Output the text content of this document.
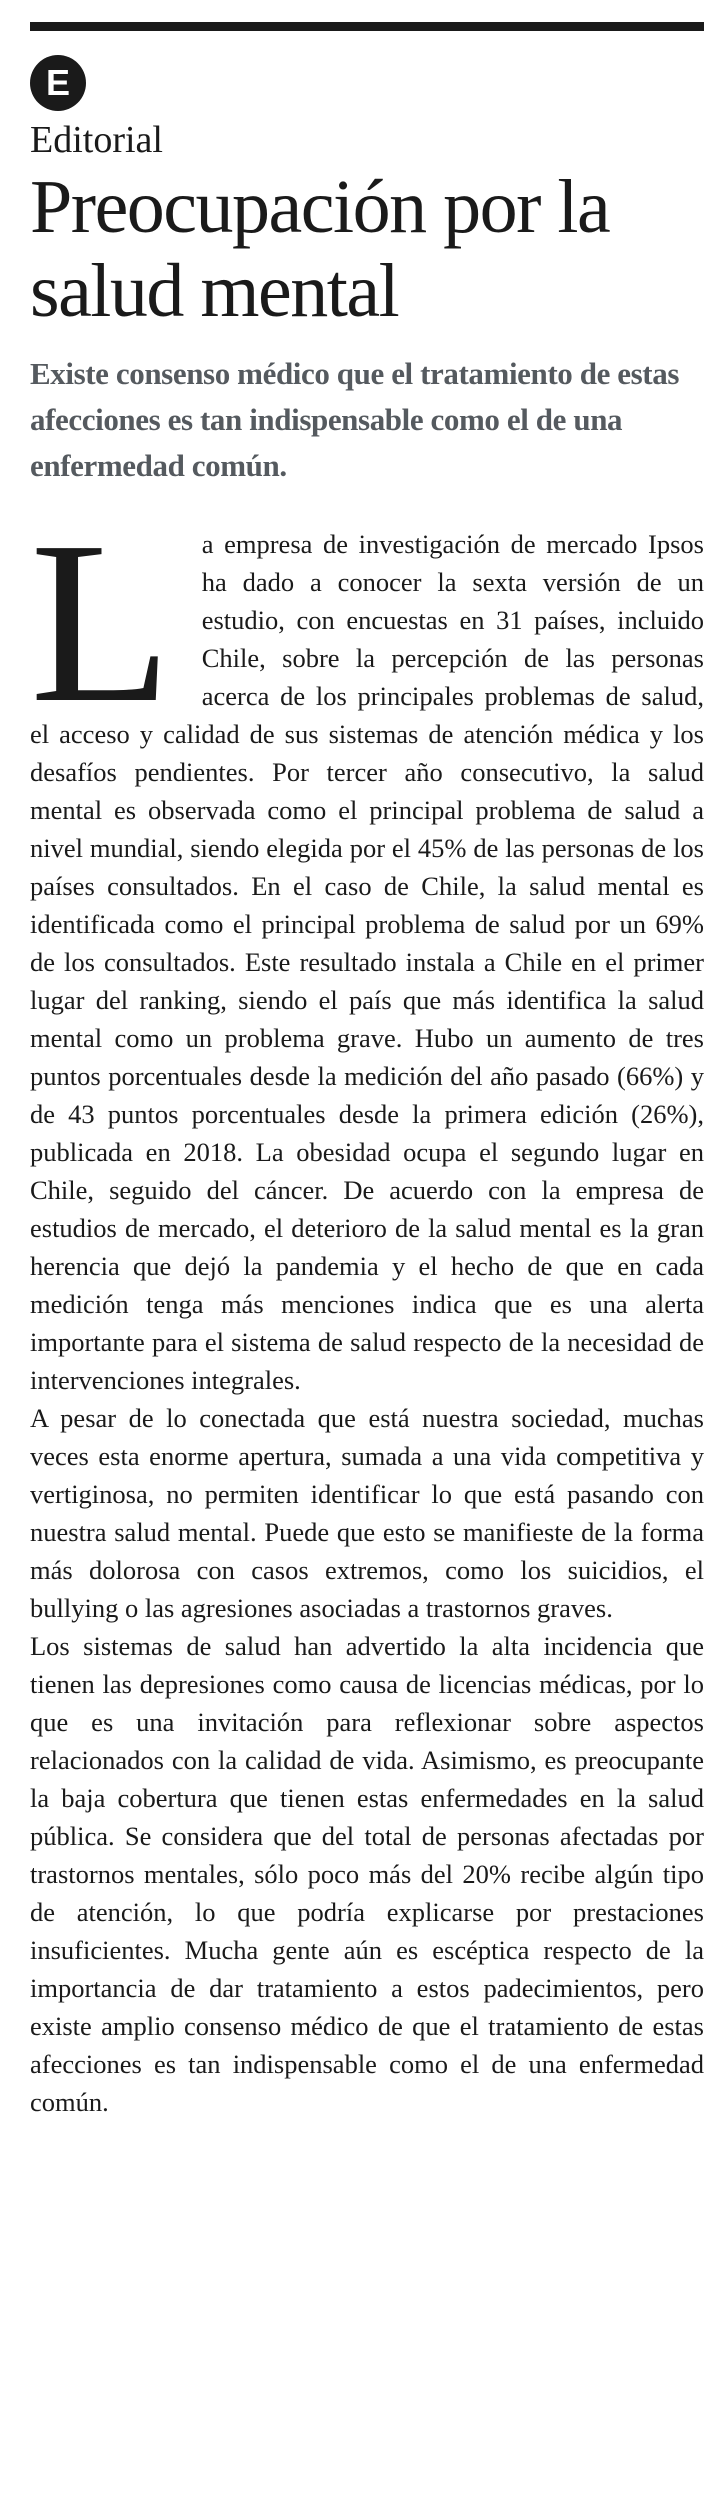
E
Editorial
Preocupación por la salud mental
Existe consenso médico que el tratamiento de estas afecciones es tan indispensable como el de una enfermedad común.

L a empresa de investigación de mercado Ipsos ha dado a conocer la sexta versión de un estudio, con encuestas en 31 países, incluido Chile, sobre la percepción de las personas acerca de los principales problemas de salud, el acceso y calidad de sus sistemas de atención médica y los desafíos pendientes. Por tercer año consecutivo, la salud mental es observada como el principal problema de salud a nivel mundial, siendo elegida por el 45% de las personas de los países consultados. En el caso de Chile, la salud mental es identificada como el principal problema de salud por un 69% de los consultados. Este resultado instala a Chile en el primer lugar del ranking, siendo el país que más identifica la salud mental como un problema grave. Hubo un aumento de tres puntos porcentuales desde la medición del año pasado (66%) y de 43 puntos porcentuales desde la primera edición (26%), publicada en 2018. La obesidad ocupa el segundo lugar en Chile, seguido del cáncer. De acuerdo con la empresa de estudios de mercado, el deterioro de la salud mental es la gran herencia que dejó la pandemia y el hecho de que en cada medición tenga más menciones indica que es una alerta importante para el sistema de salud respecto de la necesidad de intervenciones integrales.

A pesar de lo conectada que está nuestra sociedad, muchas veces esta enorme apertura, sumada a una vida competitiva y vertiginosa, no permiten identificar lo que está pasando con nuestra salud mental. Puede que esto se manifieste de la forma más dolorosa con casos extremos, como los suicidios, el bullying o las agresiones asociadas a trastornos graves.

Los sistemas de salud han advertido la alta incidencia que tienen las depresiones como causa de licencias médicas, por lo que es una invitación para reflexionar sobre aspectos relacionados con la calidad de vida. Asimismo, es preocupante la baja cobertura que tienen estas enfermedades en la salud pública. Se considera que del total de personas afectadas por trastornos mentales, sólo poco más del 20% recibe algún tipo de atención, lo que podría explicarse por prestaciones insuficientes. Mucha gente aún es escéptica respecto de la importancia de dar tratamiento a estos padecimientos, pero existe amplio consenso médico de que el tratamiento de estas afecciones es tan indispensable como el de una enfermedad común.
